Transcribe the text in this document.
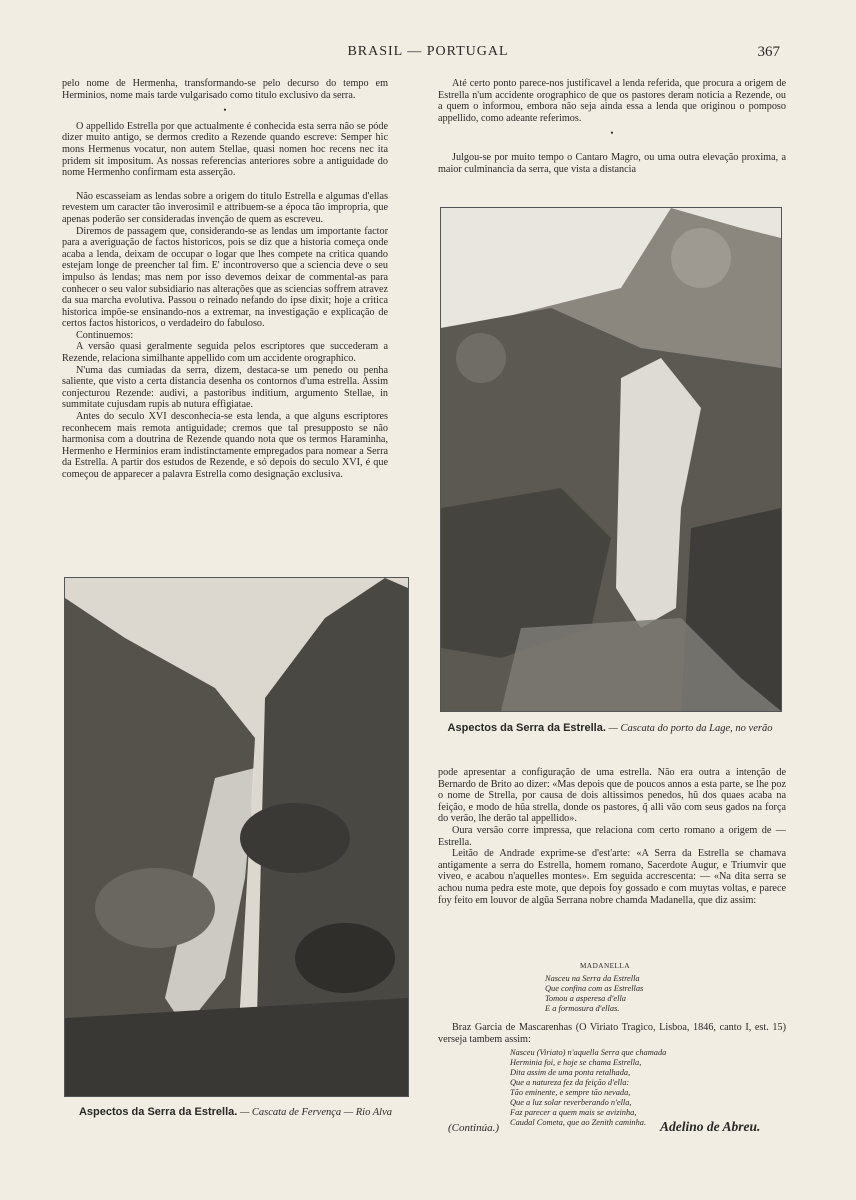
BRASIL — PORTUGAL	367

pelo nome de Hermenha, transformando-se pelo decurso do tempo em Herminios, nome mais tarde vulgarisado como titulo exclusivo da serra.

•

O appellido Estrella por que actualmente é conhecida esta serra não se póde dizer muito antigo, se dermos credito a Rezende quando escreve: Semper hic mons Hermenus vocatur, non autem Stellae, quasi nomen hoc recens nec ita pridem sit impositum. As nossas referencias anteriores sobre a antiguidade do nome Hermenho confirmam esta asserção.

Não escasseiam as lendas sobre a origem do titulo Estrella e algumas d'ellas revestem um caracter tão inverosimil e attribuem-se a época tão impropria, que apenas poderão ser consideradas invenção de quem as escreveu.

Diremos de passagem que, considerando-se as lendas um importante factor para a averiguação de factos historicos, pois se diz que a historia começa onde acaba a lenda, deixam de occupar o logar que lhes compete na critica quando estejam longe de preencher tal fim. E' incontroverso que a sciencia deve o seu impulso ás lendas; mas nem por isso devemos deixar de commental-as para conhecer o seu valor subsidiario nas alterações que as sciencias soffrem atravez da sua marcha evolutiva. Passou o reinado nefando do ipse dixit; hoje a critica historica impõe-se ensinando-nos a extremar, na investigação e explicação de certos factos historicos, o verdadeiro do fabuloso.

Continuemos:

A versão quasi geralmente seguida pelos escriptores que succederam a Rezende, relaciona similhante appellido com um accidente orographico.

N'uma das cumiadas da serra, dizem, destaca-se um penedo ou penha saliente, que visto a certa distancia desenha os contornos d'uma estrella. Assim conjecturou Rezende: audivi, a pastoribus inditium, argumento Stellae, in summitate cujusdam rupis ab nutura effigiatae.

Antes do seculo XVI desconhecia-se esta lenda, a que alguns escriptores reconhecem mais remota antiguidade; cremos que tal presupposto se não harmonisa com a doutrina de Rezende quando nota que os termos Haraminha, Hermenho e Herminios eram indistinctamente empregados para nomear a Serra da Estrella. A partir dos estudos de Rezende, e só depois do seculo XVI, é que começou de apparecer a palavra Estrella como designação exclusiva.

Até certo ponto parece-nos justificavel a lenda referida, que procura a origem de Estrella n'um accidente orographico de que os pastores deram noticia a Rezende, ou a quem o informou, embora não seja ainda essa a lenda que originou o pomposo appellido, como adeante referimos.

•

Julgou-se por muito tempo o Cantaro Magro, ou uma outra elevação proxima, a maior culminancia da serra, que vista a distancia

Aspectos da Serra da Estrella. — Cascata do porto da Lage, no verão
Aspectos da Serra da Estrella. — Cascata de Fervença — Rio Alva

pode apresentar a configuração de uma estrella. Não era outra a intenção de Bernardo de Brito ao dizer: «Mas depois que de poucos annos a esta parte, se lhe poz o nome de Strella, por causa de dois altissimos penedos, hũ dos quaes acaba na feição, e modo de hũa strella, donde os pastores, q̃ alli vão com seus gados na força do verão, lhe derão tal appellido».

Oura versão corre impressa, que relaciona com certo romano a origem de — Estrella.

Leitão de Andrade exprime-se d'est'arte: «A Serra da Estrella se chamava antigamente a serra do Estrella, homem romano, Sacerdote Augur, e Triumvir que viveo, e acabou n'aquelles montes». Em seguida accrescenta: — «Na dita serra se achou numa pedra este mote, que depois foy gossado e com muytas voltas, e parece foy feito em louvor de algũa Serrana nobre chamda Madanella, que diz assim:

MADANELLA
Nasceu na Serra da Estrella
Que confina com as Estrellas
Tomou a asperesa d'ella
E a formosura d'ellas.

Braz Garcia de Mascarenhas (O Viriato Tragico, Lisboa, 1846, canto I, est. 15) verseja tambem assim:

Nasceu (Viriato) n'aquella Serra que chamada
Herminia foi, e hoje se chama Estrella,
Dita assim de uma ponta retalhada,
Que a natureza fez da feição d'ella:
Tão eminente, e sempre tão nevada,
Que a luz solar reverberando n'ella,
Faz parecer a quem mais se avizinha,
Caudal Cometa, que ao Zenith caminha.
(Continúa.)	Adelino de Abreu.
